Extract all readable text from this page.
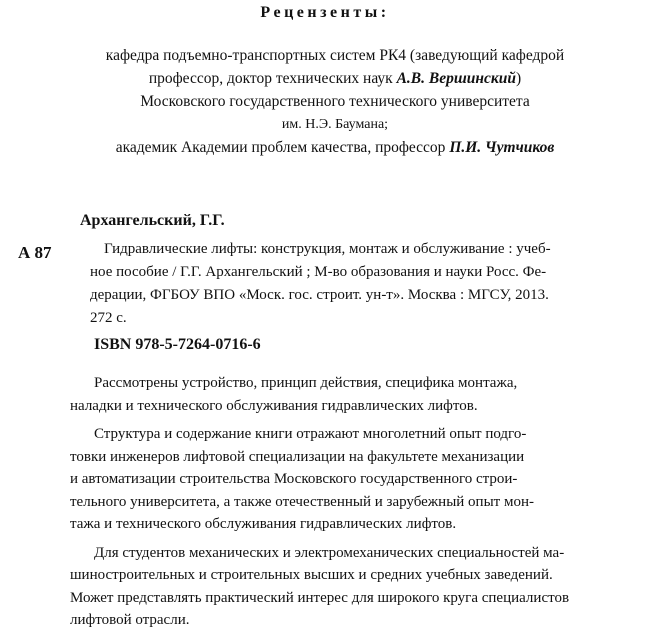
Рецензенты:
кафедра подъемно-транспортных систем РК4 (заведующий кафедрой
профессор, доктор технических наук А.В. Вершинский)
Московского государственного технического университета
им. Н.Э. Баумана;
академик Академии проблем качества, профессор П.И. Чутчиков
Архангельский, Г.Г.
А 87	Гидравлические лифты: конструкция, монтаж и обслуживание : учеб-
ное пособие / Г.Г. Архангельский ; М-во образования и науки Росс. Фе-
дерации, ФГБОУ ВПО «Моск. гос. строит. ун-т». Москва : МГСУ, 2013.
272 с.
ISBN 978-5-7264-0716-6
Рассмотрены устройство, принцип действия, специфика монтажа,
наладки и технического обслуживания гидравлических лифтов.
Структура и содержание книги отражают многолетний опыт подго-
товки инженеров лифтовой специализации на факультете механизации
и автоматизации строительства Московского государственного строи-
тельного университета, а также отечественный и зарубежный опыт мон-
тажа и технического обслуживания гидравлических лифтов.
Для студентов механических и электромеханических специальностей ма-
шиностроительных и строительных высших и средних учебных заведений.
Может представлять практический интерес для широкого круга специалистов
лифтовой отрасли.
